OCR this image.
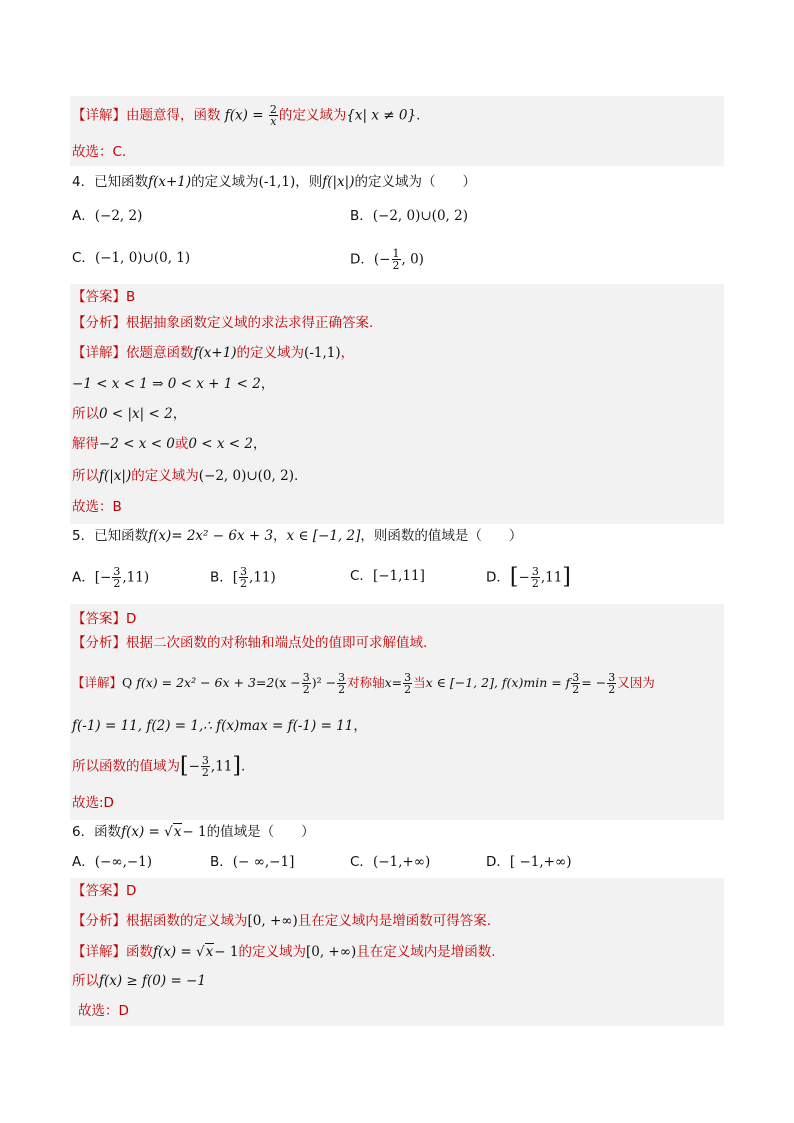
【详解】由题意得，函数 $f(x) = \frac{2}{x}$ 的定义域为{x| x ≠ 0}.
故选：C.
4．已知函数f(x+1)的定义域为(-1,1)，则f(|x|)的定义域为（　　）
A．(−2, 2)	B．(−2, 0)∪(0, 2)
C．(−1, 0)∪(0, 1)	D．(− $\frac{1}{2}$ , 0)
【答案】B
【分析】根据抽象函数定义域的求法求得正确答案.
【详解】依题意函数f(x+1)的定义域为(-1,1)，
−1 < x < 1 ⇒ 0 < x + 1 < 2，
所以0 < |x| < 2，
解得−2 < x < 0或0 < x < 2，
所以f(|x|)的定义域为(−2, 0)∪(0, 2).
故选：B
5．已知函数f(x)= 2x² − 6x + 3，x ∈ [−1, 2]，则函数的值域是（　　）
A．[− $\frac{3}{2} ,11$)	B．[ $\frac{3}{2} ,11$)	C．[−1,11]	D．[− $\frac{3}{2} ,11$]
【答案】D
【分析】根据二次函数的对称轴和端点处的值即可求解值域.
【详解】Q $f(x) = 2x^2 - 6x + 3=2(x - \frac{3}{2} )^2 - \frac{3}{2}$ 对称轴$x= \frac{3}{2}$ 当x ∈ [−1, 2], f(x)min = f $\frac{3}{2}$ = − $\frac{3}{2}$ 又因为
f(-1) = 11, f(2) = 1,∴ f(x)max = f(-1) = 11，
所以函数的值域为[− $\frac{3}{2} ,11$].
故选:D
6．函数f(x) = √x− 1的值域是（　　）
A．(−∞,−1)	B．(− ∞,−1]	C．(−1,+∞)	D．[ −1,+∞)
【答案】D
【分析】根据函数的定义域为[0, +∞)且在定义域内是增函数可得答案.
【详解】函数f(x) = √x− 1的定义域为[0, +∞)且在定义域内是增函数.
所以f(x) ≥ f(0) = −1
故选：D
